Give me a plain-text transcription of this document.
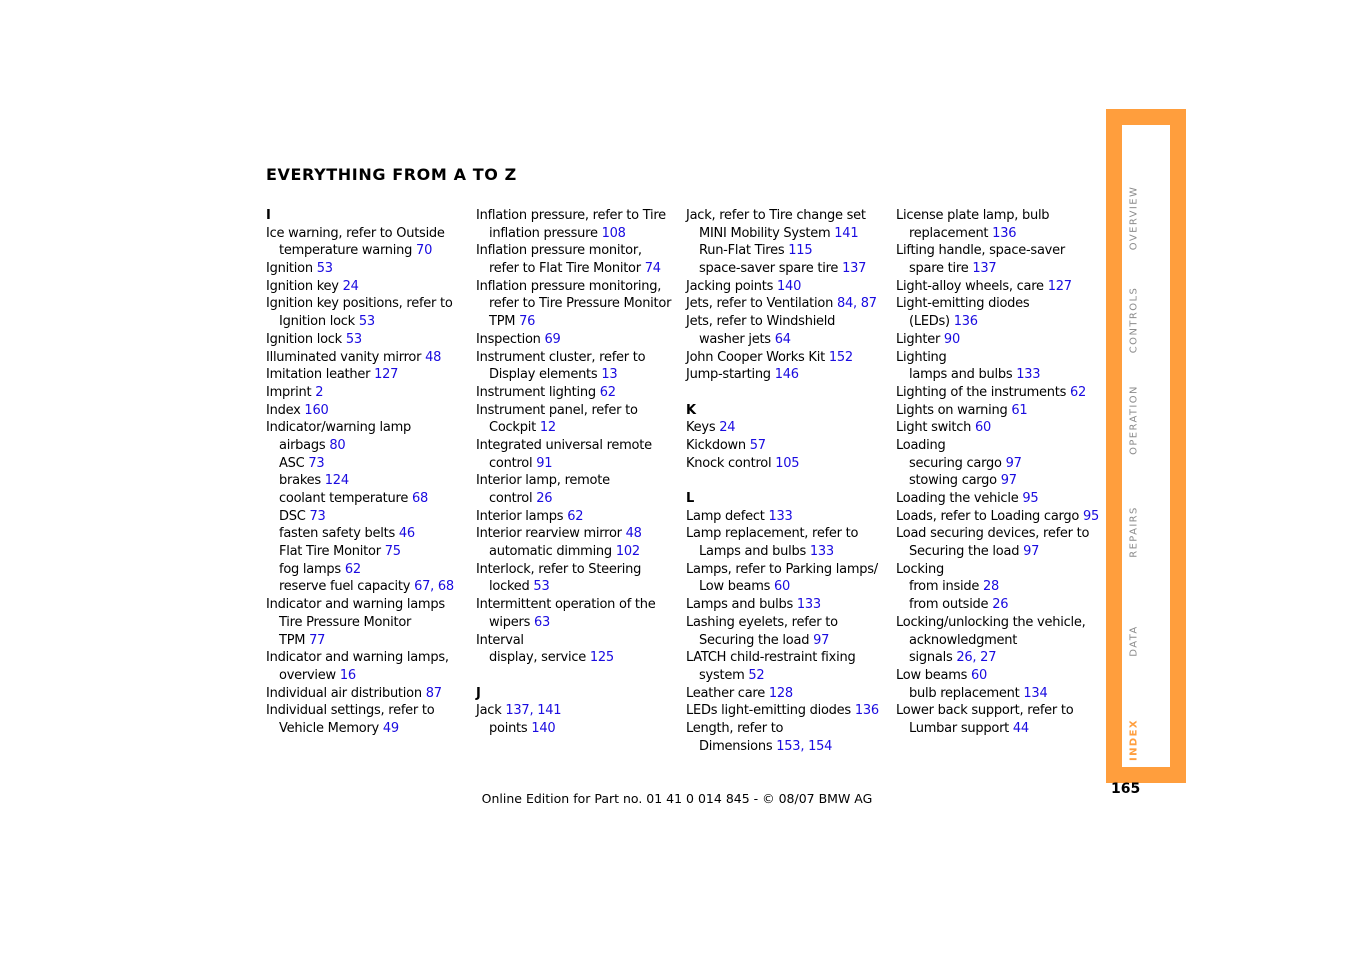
EVERYTHING FROM A TO Z
I
Ice warning, refer to Outside
temperature warning 70
Ignition 53
Ignition key 24
Ignition key positions, refer to
Ignition lock 53
Ignition lock 53
Illuminated vanity mirror 48
Imitation leather 127
Imprint 2
Index 160
Indicator/warning lamp
airbags 80
ASC 73
brakes 124
coolant temperature 68
DSC 73
fasten safety belts 46
Flat Tire Monitor 75
fog lamps 62
reserve fuel capacity 67, 68
Indicator and warning lamps
Tire Pressure Monitor
TPM 77
Indicator and warning lamps,
overview 16
Individual air distribution 87
Individual settings, refer to
Vehicle Memory 49
Inflation pressure, refer to Tire
inflation pressure 108
Inflation pressure monitor,
refer to Flat Tire Monitor 74
Inflation pressure monitoring,
refer to Tire Pressure Monitor
TPM 76
Inspection 69
Instrument cluster, refer to
Display elements 13
Instrument lighting 62
Instrument panel, refer to
Cockpit 12
Integrated universal remote
control 91
Interior lamp, remote
control 26
Interior lamps 62
Interior rearview mirror 48
automatic dimming 102
Interlock, refer to Steering
locked 53
Intermittent operation of the
wipers 63
Interval
display, service 125
J
Jack 137, 141
points 140
Jack, refer to Tire change set
MINI Mobility System 141
Run-Flat Tires 115
space-saver spare tire 137
Jacking points 140
Jets, refer to Ventilation 84, 87
Jets, refer to Windshield
washer jets 64
John Cooper Works Kit 152
Jump-starting 146
K
Keys 24
Kickdown 57
Knock control 105
L
Lamp defect 133
Lamp replacement, refer to
Lamps and bulbs 133
Lamps, refer to Parking lamps/
Low beams 60
Lamps and bulbs 133
Lashing eyelets, refer to
Securing the load 97
LATCH child-restraint fixing
system 52
Leather care 128
LEDs light-emitting diodes 136
Length, refer to
Dimensions 153, 154
License plate lamp, bulb
replacement 136
Lifting handle, space-saver
spare tire 137
Light-alloy wheels, care 127
Light-emitting diodes
(LEDs) 136
Lighter 90
Lighting
lamps and bulbs 133
Lighting of the instruments 62
Lights on warning 61
Light switch 60
Loading
securing cargo 97
stowing cargo 97
Loading the vehicle 95
Loads, refer to Loading cargo 95
Load securing devices, refer to
Securing the load 97
Locking
from inside 28
from outside 26
Locking/unlocking the vehicle,
acknowledgment
signals 26, 27
Low beams 60
bulb replacement 134
Lower back support, refer to
Lumbar support 44
OVERVIEW
CONTROLS
OPERATION
REPAIRS
DATA
INDEX
165
Online Edition for Part no. 01 41 0 014 845 - © 08/07 BMW AG
